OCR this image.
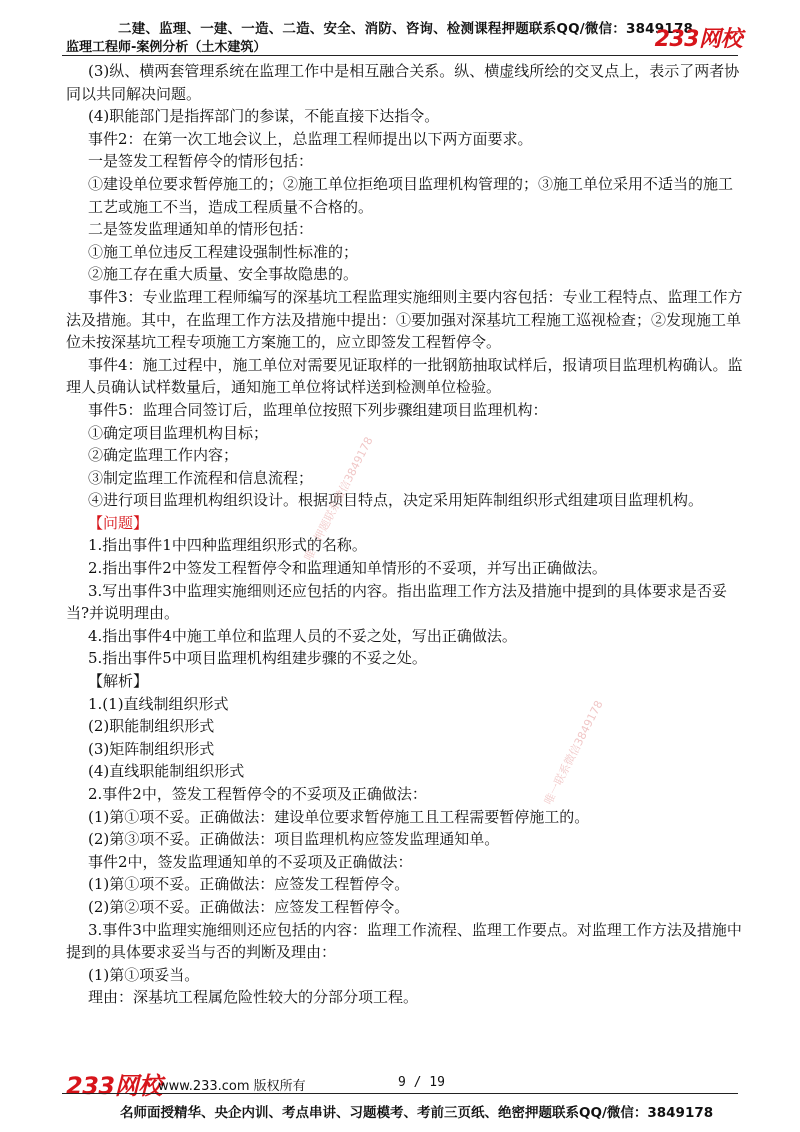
二建、监理、一建、一造、二造、安全、消防、咨询、检测课程押题联系QQ/微信：3849178
监理工程师-案例分析（土木建筑）	233网校

(3)纵、横两套管理系统在监理工作中是相互融合关系。纵、横虚线所绘的交叉点上，表示了两者协

同以共同解决问题。

(4)职能部门是指挥部门的参谋，不能直接下达指令。

事件2：在第一次工地会议上，总监理工程师提出以下两方面要求。

一是签发工程暂停令的情形包括：

①建设单位要求暂停施工的；②施工单位拒绝项目监理机构管理的；③施工单位采用不适当的施工

工艺或施工不当，造成工程质量不合格的。

二是签发监理通知单的情形包括：

①施工单位违反工程建设强制性标准的；

②施工存在重大质量、安全事故隐患的。

事件3：专业监理工程师编写的深基坑工程监理实施细则主要内容包括：专业工程特点、监理工作方

法及措施。其中，在监理工作方法及措施中提出：①要加强对深基坑工程施工巡视检查；②发现施工单

位未按深基坑工程专项施工方案施工的，应立即签发工程暂停令。

事件4：施工过程中，施工单位对需要见证取样的一批钢筋抽取试样后，报请项目监理机构确认。监

理人员确认试样数量后，通知施工单位将试样送到检测单位检验。

事件5：监理合同签订后，监理单位按照下列步骤组建项目监理机构：

①确定项目监理机构目标；

②确定监理工作内容；

③制定监理工作流程和信息流程；

④进行项目监理机构组织设计。根据项目特点，决定采用矩阵制组织形式组建项目监理机构。

【问题】

1.指出事件1中四种监理组织形式的名称。

2.指出事件2中签发工程暂停令和监理通知单情形的不妥项，并写出正确做法。

3.写出事件3中监理实施细则还应包括的内容。指出监理工作方法及措施中提到的具体要求是否妥

当?并说明理由。

4.指出事件4中施工单位和监理人员的不妥之处，写出正确做法。

5.指出事件5中项目监理机构组建步骤的不妥之处。

【解析】

1.(1)直线制组织形式

(2)职能制组织形式

(3)矩阵制组织形式

(4)直线职能制组织形式

2.事件2中，签发工程暂停令的不妥项及正确做法：

(1)第①项不妥。正确做法：建设单位要求暂停施工且工程需要暂停施工的。

(2)第③项不妥。正确做法：项目监理机构应签发监理通知单。

事件2中，签发监理通知单的不妥项及正确做法：

(1)第①项不妥。正确做法：应签发工程暂停令。

(2)第②项不妥。正确做法：应签发工程暂停令。

3.事件3中监理实施细则还应包括的内容：监理工作流程、监理工作要点。对监理工作方法及措施中

提到的具体要求妥当与否的判断及理由：

(1)第①项妥当。

理由：深基坑工程属危险性较大的分部分项工程。

唯一押题联系微信3849178
唯一联系微信3849178
233网校
www.233.com 版权所有	9 / 19
名师面授精华、央企内训、考点串讲、习题模考、考前三页纸、绝密押题联系QQ/微信：3849178
